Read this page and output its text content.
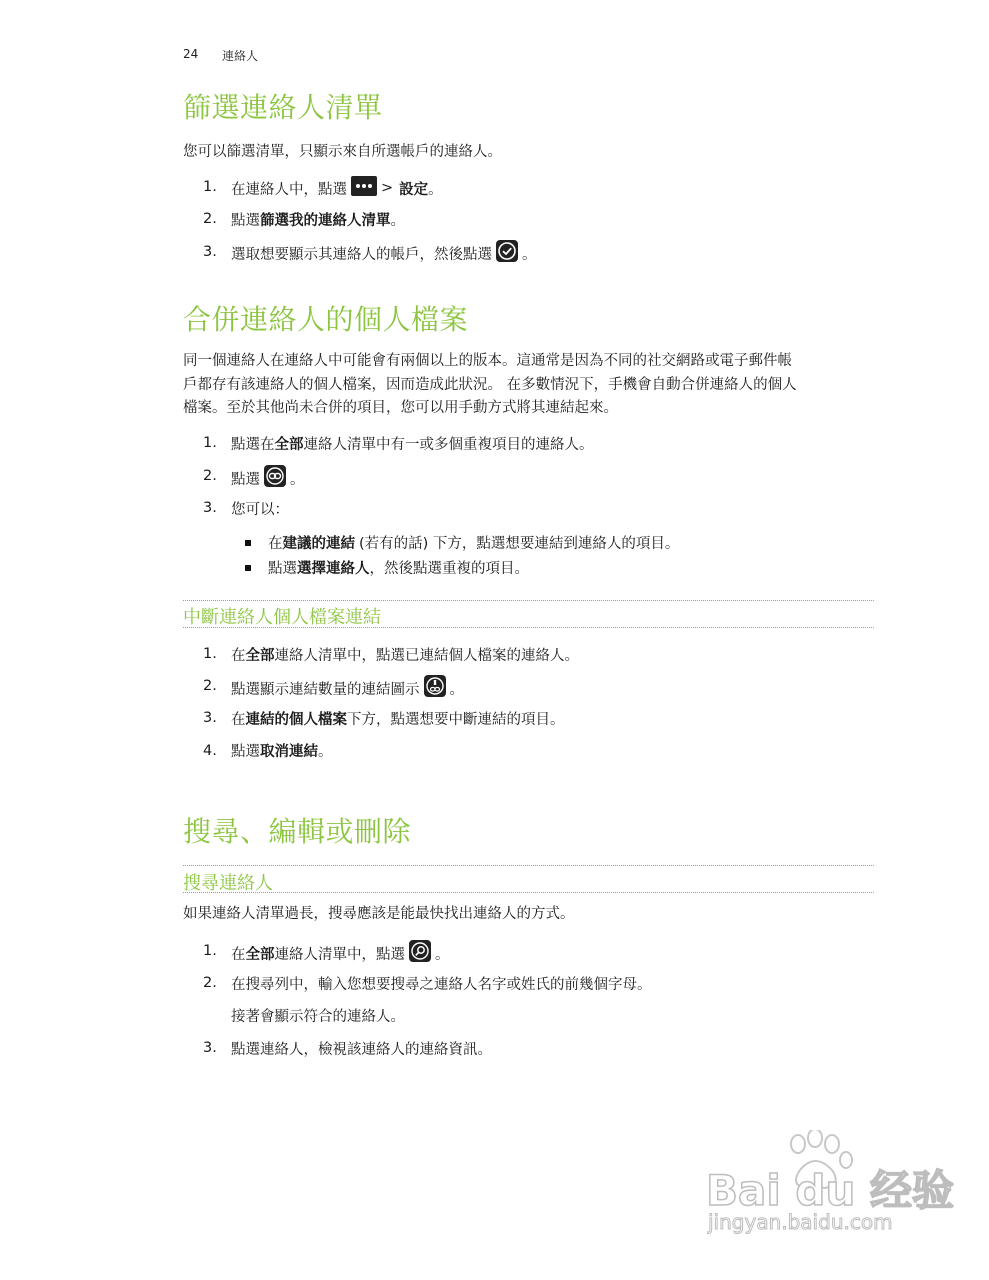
24 連絡人
篩選連絡人清單
您可以篩選清單，只顯示來自所選帳戶的連絡人。
1. 在連絡人中，點選 > 設定 。
2. 點選 篩選我的連絡人清單 。
3. 選取想要顯示其連絡人的帳戶，然後點選 。
合併連絡人的個人檔案
同一個連絡人在連絡人中可能會有兩個以上的版本。這通常是因為不同的社交網路或電子郵件帳
戶都存有該連絡人的個人檔案，因而造成此狀況。 在多數情況下，手機會自動合併連絡人的個人
檔案。至於其他尚未合併的項目，您可以用手動方式將其連結起來。
1. 點選在 全部 連絡人清單中有一或多個重複項目的連絡人。
2. 點選 。
3. 您可以：
在 建議的連結 (若有的話) 下方，點選想要連結到連絡人的項目。
點選 選擇連絡人 ，然後點選重複的項目。
中斷連絡人個人檔案連結
1. 在 全部 連絡人清單中，點選已連結個人檔案的連絡人。
2. 點選顯示連結數量的連結圖示 。
3. 在 連結的個人檔案 下方，點選想要中斷連結的項目。
4. 點選 取消連結 。
搜尋、編輯或刪除
搜尋連絡人
如果連絡人清單過長，搜尋應該是能最快找出連絡人的方式。
1. 在 全部 連絡人清單中，點選 。
2. 在搜尋列中，輸入您想要搜尋之連絡人名字或姓氏的前幾個字母。
接著會顯示符合的連絡人。
3. 點選連絡人，檢視該連絡人的連絡資訊。
Bai du 经验
jingyan.baidu.com
